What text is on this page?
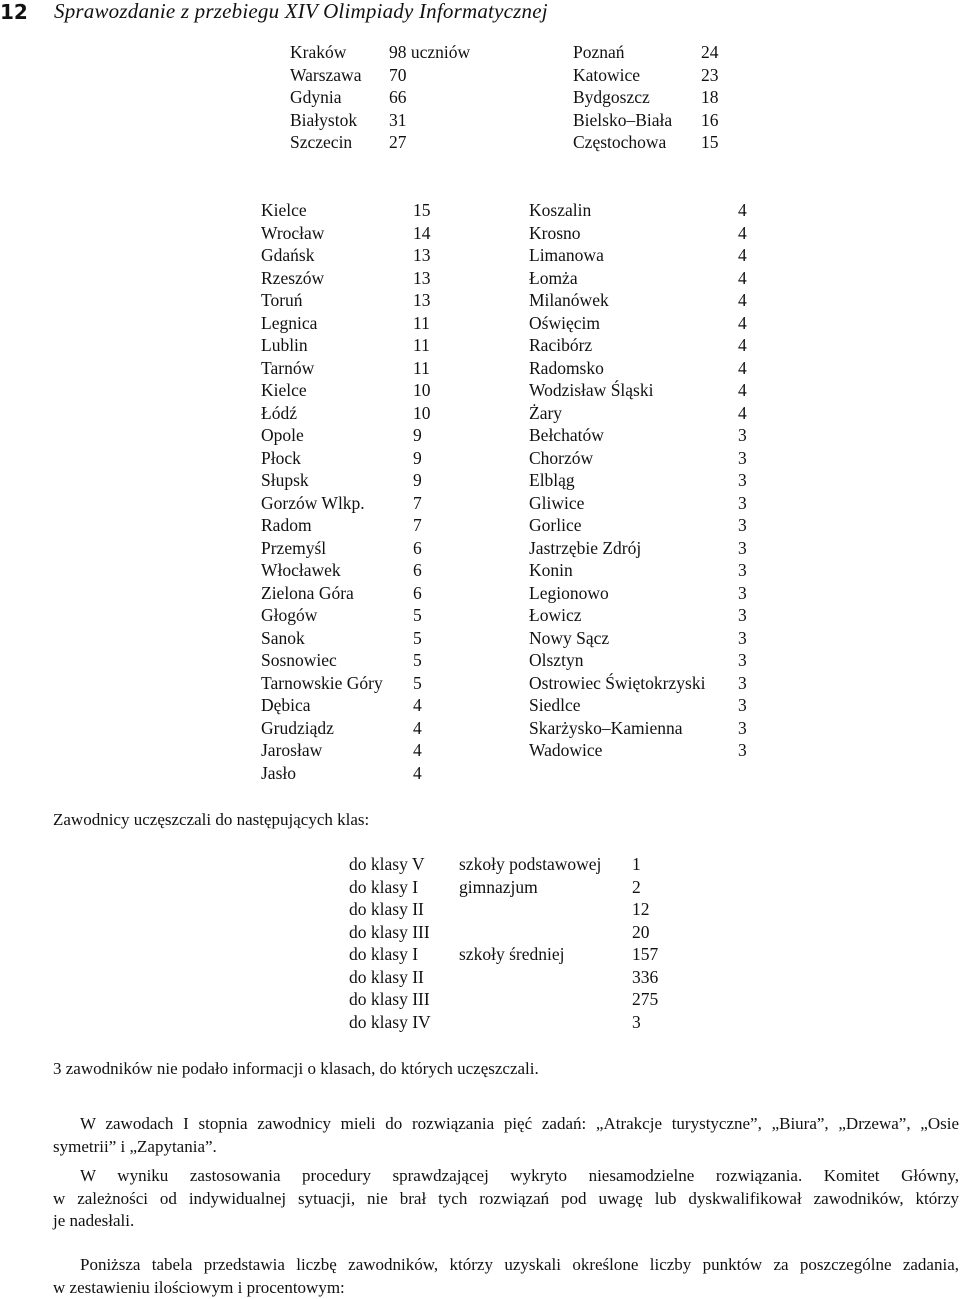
12 Sprawozdanie z przebiegu XIV Olimpiady Informatycznej
Kraków 98 uczniów	Poznań	24
Warszawa 70	Katowice	23
Gdynia	66	Bydgoszcz	18
Białystok 31	Bielsko–Biała 16
Szczecin 27	Częstochowa 15
Kielce	15	Koszalin	4
Wrocław	14	Krosno	4
Gdańsk	13	Limanowa	4
Rzeszów	13	Łomża	4
Toruń	13	Milanówek	4
Legnica	11	Oświęcim	4
Lublin	11	Racibórz	4
Tarnów	11	Radomsko	4
Kielce	10	Wodzisław Śląski	4
Łódź	10	Żary	4
Opole	9	Bełchatów	3
Płock	9	Chorzów	3
Słupsk	9	Elbląg	3
Gorzów Wlkp.	7	Gliwice	3
Radom	7	Gorlice	3
Przemyśl	6	Jastrzębie Zdrój	3
Włocławek	6	Konin	3
Zielona Góra	6	Legionowo	3
Głogów	5	Łowicz	3
Sanok	5	Nowy Sącz	3
Sosnowiec	5	Olsztyn	3
Tarnowskie Góry 5	Ostrowiec Świętokrzyski 3
Dębica	4	Siedlce	3
Grudziądz	4	Skarżysko–Kamienna	3
Jarosław	4	Wadowice	3
Jasło	4
Zawodnicy uczęszczali do następujących klas:
do klasy V szkoły podstawowej 1
do klasy I gimnazjum	2
do klasy II	12
do klasy III	20
do klasy I szkoły średniej	157
do klasy II	336
do klasy III	275
do klasy IV	3
3 zawodników nie podało informacji o klasach, do których uczęszczali.
W zawodach I stopnia zawodnicy mieli do rozwiązania pięć zadań: „Atrakcje turystyczne”, „Biura”, „Drzewa”, „Osie
symetrii” i „Zapytania”.
W wyniku zastosowania procedury sprawdzającej wykryto niesamodzielne rozwiązania. Komitet Główny,
w zależności od indywidualnej sytuacji, nie brał tych rozwiązań pod uwagę lub dyskwalifikował zawodników, którzy
je nadesłali.
Poniższa tabela przedstawia liczbę zawodników, którzy uzyskali określone liczby punktów za poszczególne zadania,
w zestawieniu ilościowym i procentowym:
